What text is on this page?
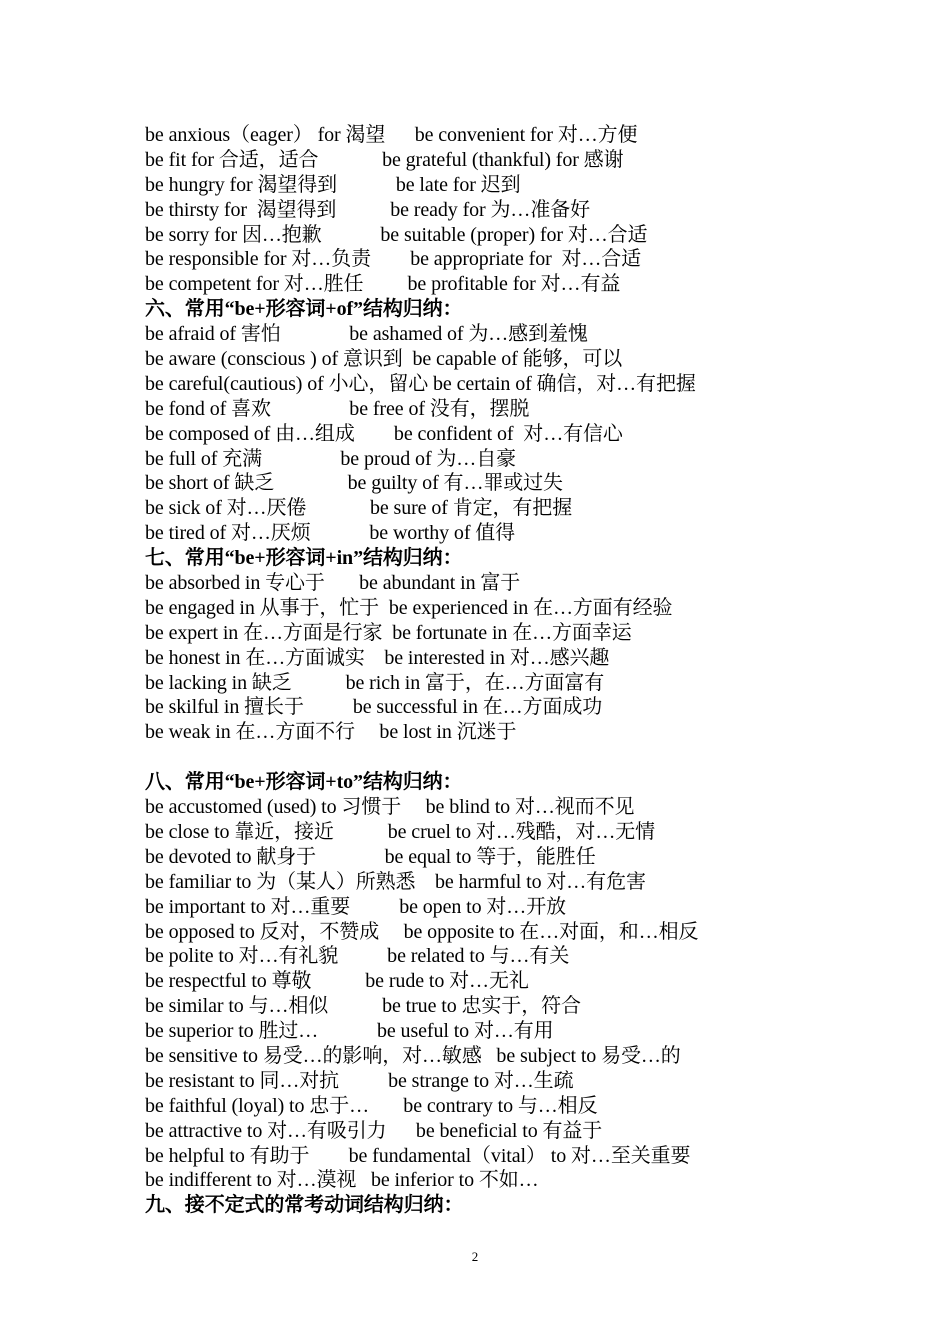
be anxious（eager） for 渴望      be convenient for 对…方便
be fit for 合适，适合             be grateful (thankful) for 感谢
be hungry for 渴望得到            be late for 迟到
be thirsty for  渴望得到           be ready for 为…准备好
be sorry for 因…抱歉            be suitable (proper) for 对…合适
be responsible for 对…负责        be appropriate for  对…合适
be competent for 对…胜任         be profitable for 对…有益
六、常用“be+形容词+of”结构归纳：
be afraid of 害怕              be ashamed of 为…感到羞愧
be aware (conscious ) of 意识到  be capable of 能够，可以
be careful(cautious) of 小心，留心 be certain of 确信，对…有把握
be fond of 喜欢                be free of 没有，摆脱
be composed of 由…组成        be confident of  对…有信心
be full of 充满                be proud of 为…自豪
be short of 缺乏               be guilty of 有…罪或过失
be sick of 对…厌倦             be sure of 肯定，有把握
be tired of 对…厌烦            be worthy of 值得
七、常用“be+形容词+in”结构归纳：
be absorbed in 专心于       be abundant in 富于
be engaged in 从事于，忙于  be experienced in 在…方面有经验
be expert in 在…方面是行家  be fortunate in 在…方面幸运
be honest in 在…方面诚实    be interested in 对…感兴趣
be lacking in 缺乏           be rich in 富于，在…方面富有
be skilful in 擅长于          be successful in 在…方面成功
be weak in 在…方面不行     be lost in 沉迷于
八、常用“be+形容词+to”结构归纳：
be accustomed (used) to 习惯于     be blind to 对…视而不见
be close to 靠近，接近           be cruel to 对…残酷，对…无情
be devoted to 献身于              be equal to 等于，能胜任
be familiar to 为（某人）所熟悉    be harmful to 对…有危害
be important to 对…重要          be open to 对…开放
be opposed to 反对，不赞成     be opposite to 在…对面，和…相反
be polite to 对…有礼貌          be related to 与…有关
be respectful to 尊敬           be rude to 对…无礼
be similar to 与…相似           be true to 忠实于，符合
be superior to 胜过…            be useful to 对…有用
be sensitive to 易受…的影响，对…敏感   be subject to 易受…的
be resistant to 同…对抗          be strange to 对…生疏
be faithful (loyal) to 忠于…       be contrary to 与…相反
be attractive to 对…有吸引力      be beneficial to 有益于
be helpful to 有助于        be fundamental（vital） to 对…至关重要
be indifferent to 对…漠视   be inferior to 不如…
九、接不定式的常考动词结构归纳：
2
